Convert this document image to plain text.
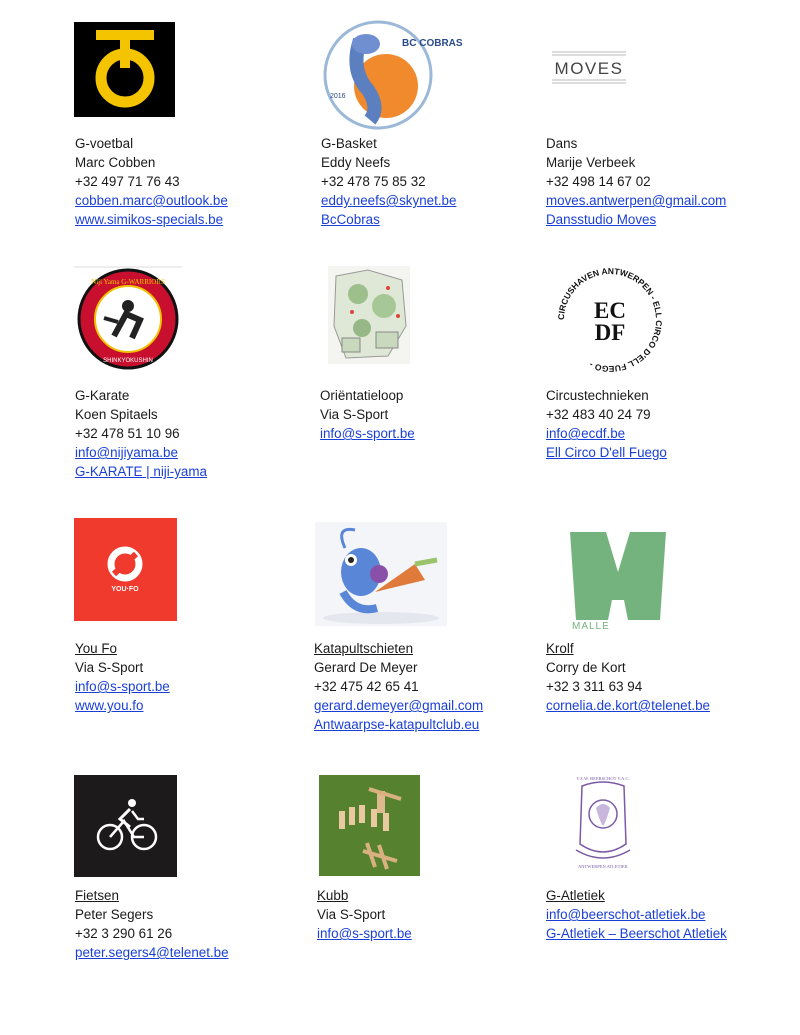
G-voetbal
Marc Cobben
+32 497 71 76 43
cobben.marc@outlook.be
www.simikos-specials.be
BC COBRAS
2016
G-Basket
Eddy Neefs
+32 478 75 85 32
eddy.neefs@skynet.be
BcCobras
MOVES
Dans
Marije Verbeek
+32 498 14 67 02
moves.antwerpen@gmail.com
Dansstudio Moves
Niji Yama G-WARRIORS
SHINKYOKUSHIN
G-Karate
Koen Spitaels
+32 478 51 10 96
info@nijiyama.be
G-KARATE | niji-yama
Oriëntatieloop
Via S-Sport
info@s-sport.be
CIRCUSHAVEN ANTWERPEN - ELL CIRCO D'ELL FUEGO -
EC
DF
ECDF
Circustechnieken
+32 483 40 24 79
info@ecdf.be
Ell Circo D'ell Fuego
YOU·FO
You Fo
Via S-Sport
info@s-sport.be
www.you.fo
Katapultschieten
Gerard De Meyer
+32 475 42 65 41
gerard.demeyer@gmail.com
Antwaarpse-katapultclub.eu
MALLE
Krolf
Corry de Kort
+32 3 311 63 94
cornelia.de.kort@telenet.be
Fietsen
Peter Segers
+32 3 290 61 26
peter.segers4@telenet.be
Kubb
Via S-Sport
info@s-sport.be
V.Z.W. BEERSCHOT V.A.C.
ANTWERPEN ATLETIEK
G-Atletiek
info@beerschot-atletiek.be
G-Atletiek – Beerschot Atletiek
